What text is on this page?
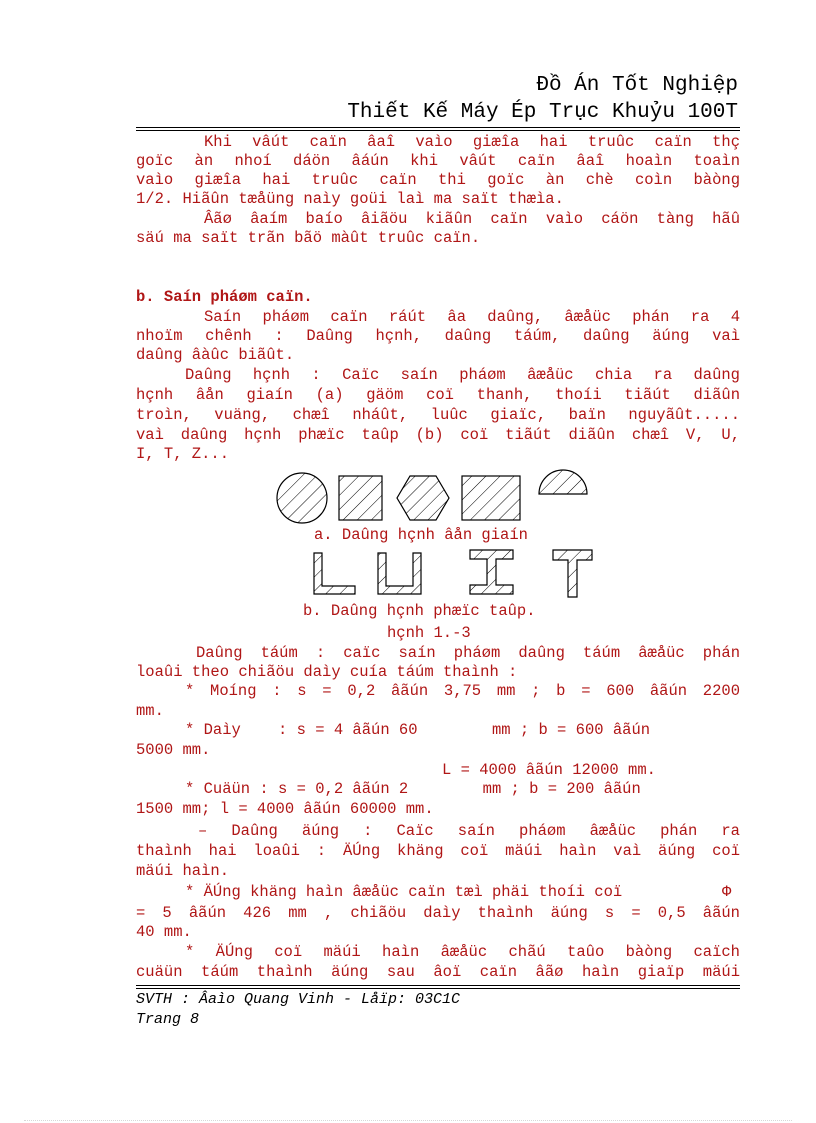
Đồ Án Tốt Nghiệp
Thiết Kế Máy Ép Trục Khuỷu 100T
Khi vâút caïn âaî vaìo giæîa hai truûc caïn thç
goïc àn nhoí dáön âáún khi vâút caïn âaî hoaìn toaìn
vaìo giæîa hai truûc caïn thi goïc àn chè coìn bàòng
1/2. Hiãûn tæåüng naìy goüi laì ma saït thæìa.
Âãø âaím baío âiãöu kiãûn caïn vaìo cáön tàng hãû
säú ma saït trãn bãö màût truûc caïn.
b. Saín pháøm caïn.
Saín pháøm caïn ráút âa daûng, âæåüc phán ra 4
nhoïm chênh : Daûng hçnh, daûng táúm, daûng äúng vaì
daûng âàûc biãût.
Daûng hçnh : Caïc saín pháøm âæåüc chia ra daûng
hçnh âån giaín (a) gäöm coï thanh, thoíi tiãút diãûn
troìn, vuäng, chæî nháût, luûc giaïc, baïn nguyãût.....
vaì daûng hçnh phæïc taûp (b) coï tiãút diãûn chæî V, U,
I, T, Z...
a. Daûng hçnh âån giaín
b. Daûng hçnh phæïc taûp.
hçnh 1.-3
Daûng táúm : caïc saín pháøm daûng táúm âæåüc phán
loaûi theo chiãöu daìy cuía táúm thaình :
* Moíng : s = 0,2 âãún 3,75 mm ; b = 600 âãún 2200
mm.
* Daìy    : s = 4 âãún 60        mm ; b = 600 âãún
5000 mm.
L = 4000 âãún 12000 mm.
* Cuäün : s = 0,2 âãún 2        mm ; b = 200 âãún
1500 mm; l = 4000 âãún 60000 mm.
– Daûng äúng : Caïc saín pháøm âæåüc phán ra
thaình hai loaûi : ÄÚng khäng coï mäúi haìn vaì äúng coï
mäúi haìn.
* ÄÚng khäng haìn âæåüc caïn tæì phäi thoíi coï	Φ
= 5 âãún 426 mm , chiãöu daìy thaình äúng s = 0,5 âãún
40 mm.
* ÄÚng coï mäúi haìn âæåüc chãú taûo bàòng caïch
cuäün táúm thaình äúng sau âoï caïn âãø haìn giaïp mäúi
SVTH : Âaìo Quang Vinh - Låïp: 03C1C
Trang 8
